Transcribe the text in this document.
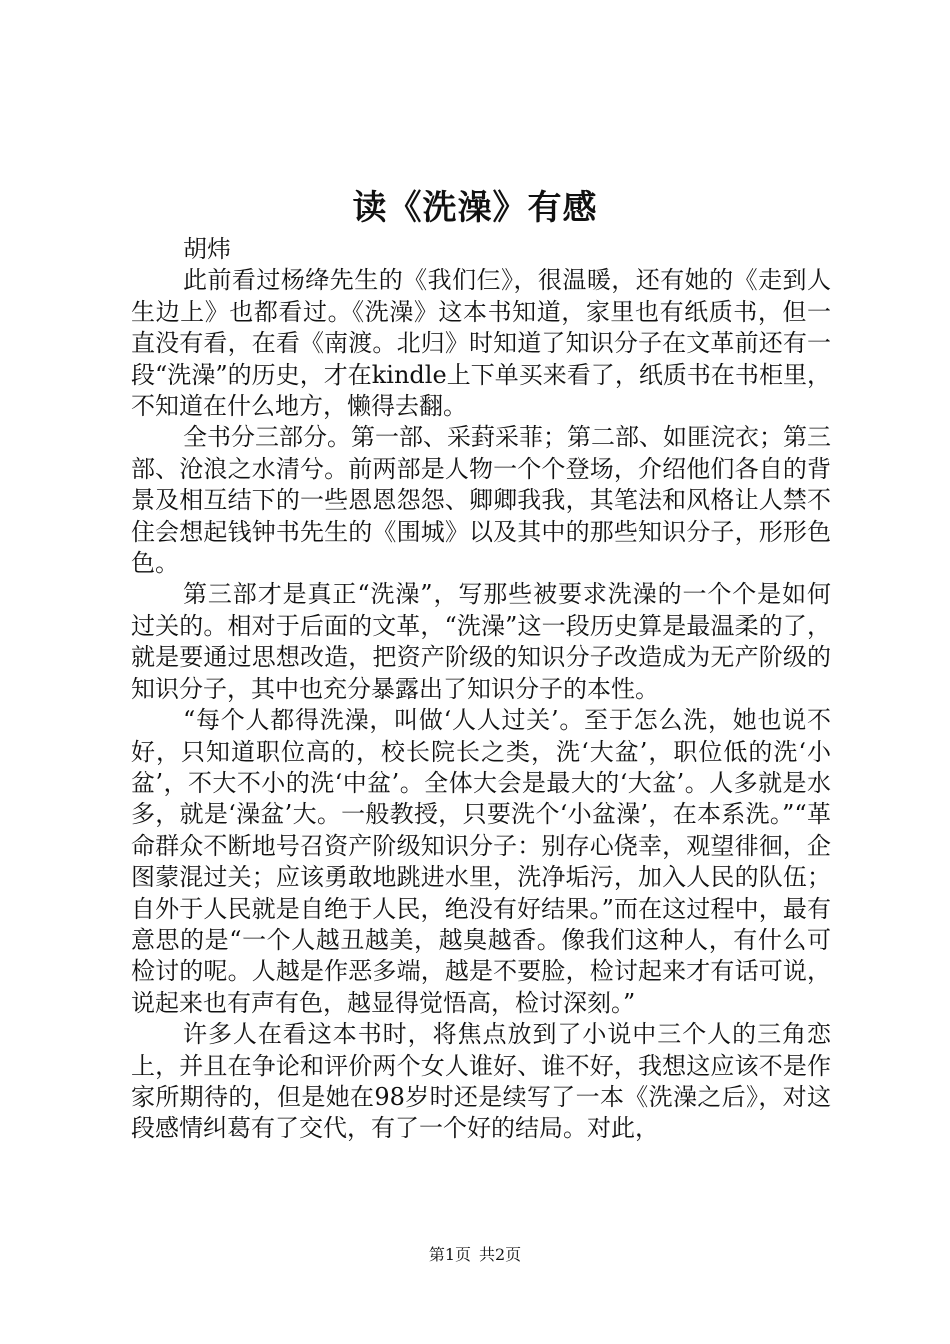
读《洗澡》有感

胡炜

此前看过杨绛先生的《我们仨》，很温暖，还有她的《走到人生边上》也都看过。《洗澡》这本书知道，家里也有纸质书，但一直没有看，在看《南渡。北归》时知道了知识分子在文革前还有一段“洗澡”的历史，才在kindle上下单买来看了，纸质书在书柜里，不知道在什么地方，懒得去翻。

全书分三部分。第一部、采葑采菲；第二部、如匪浣衣；第三部、沧浪之水清兮。前两部是人物一个个登场，介绍他们各自的背景及相互结下的一些恩恩怨怨、卿卿我我，其笔法和风格让人禁不住会想起钱钟书先生的《围城》以及其中的那些知识分子，形形色色。

第三部才是真正“洗澡”，写那些被要求洗澡的一个个是如何过关的。相对于后面的文革，“洗澡”这一段历史算是最温柔的了，就是要通过思想改造，把资产阶级的知识分子改造成为无产阶级的知识分子，其中也充分暴露出了知识分子的本性。

“每个人都得洗澡，叫做‘人人过关’。至于怎么洗，她也说不好，只知道职位高的，校长院长之类，洗‘大盆’，职位低的洗‘小盆’，不大不小的洗‘中盆’。全体大会是最大的‘大盆’。人多就是水多，就是‘澡盆’大。一般教授，只要洗个‘小盆澡’，在本系洗。”“革命群众不断地号召资产阶级知识分子：别存心侥幸，观望徘徊，企图蒙混过关；应该勇敢地跳进水里，洗净垢污，加入人民的队伍；自外于人民就是自绝于人民，绝没有好结果。”而在这过程中，最有意思的是“一个人越丑越美，越臭越香。像我们这种人，有什么可检讨的呢。人越是作恶多端，越是不要脸，检讨起来才有话可说，说起来也有声有色，越显得觉悟高，检讨深刻。”

许多人在看这本书时，将焦点放到了小说中三个人的三角恋上，并且在争论和评价两个女人谁好、谁不好，我想这应该不是作家所期待的，但是她在98岁时还是续写了一本《洗澡之后》，对这段感情纠葛有了交代，有了一个好的结局。对此，

第1页 共2页
